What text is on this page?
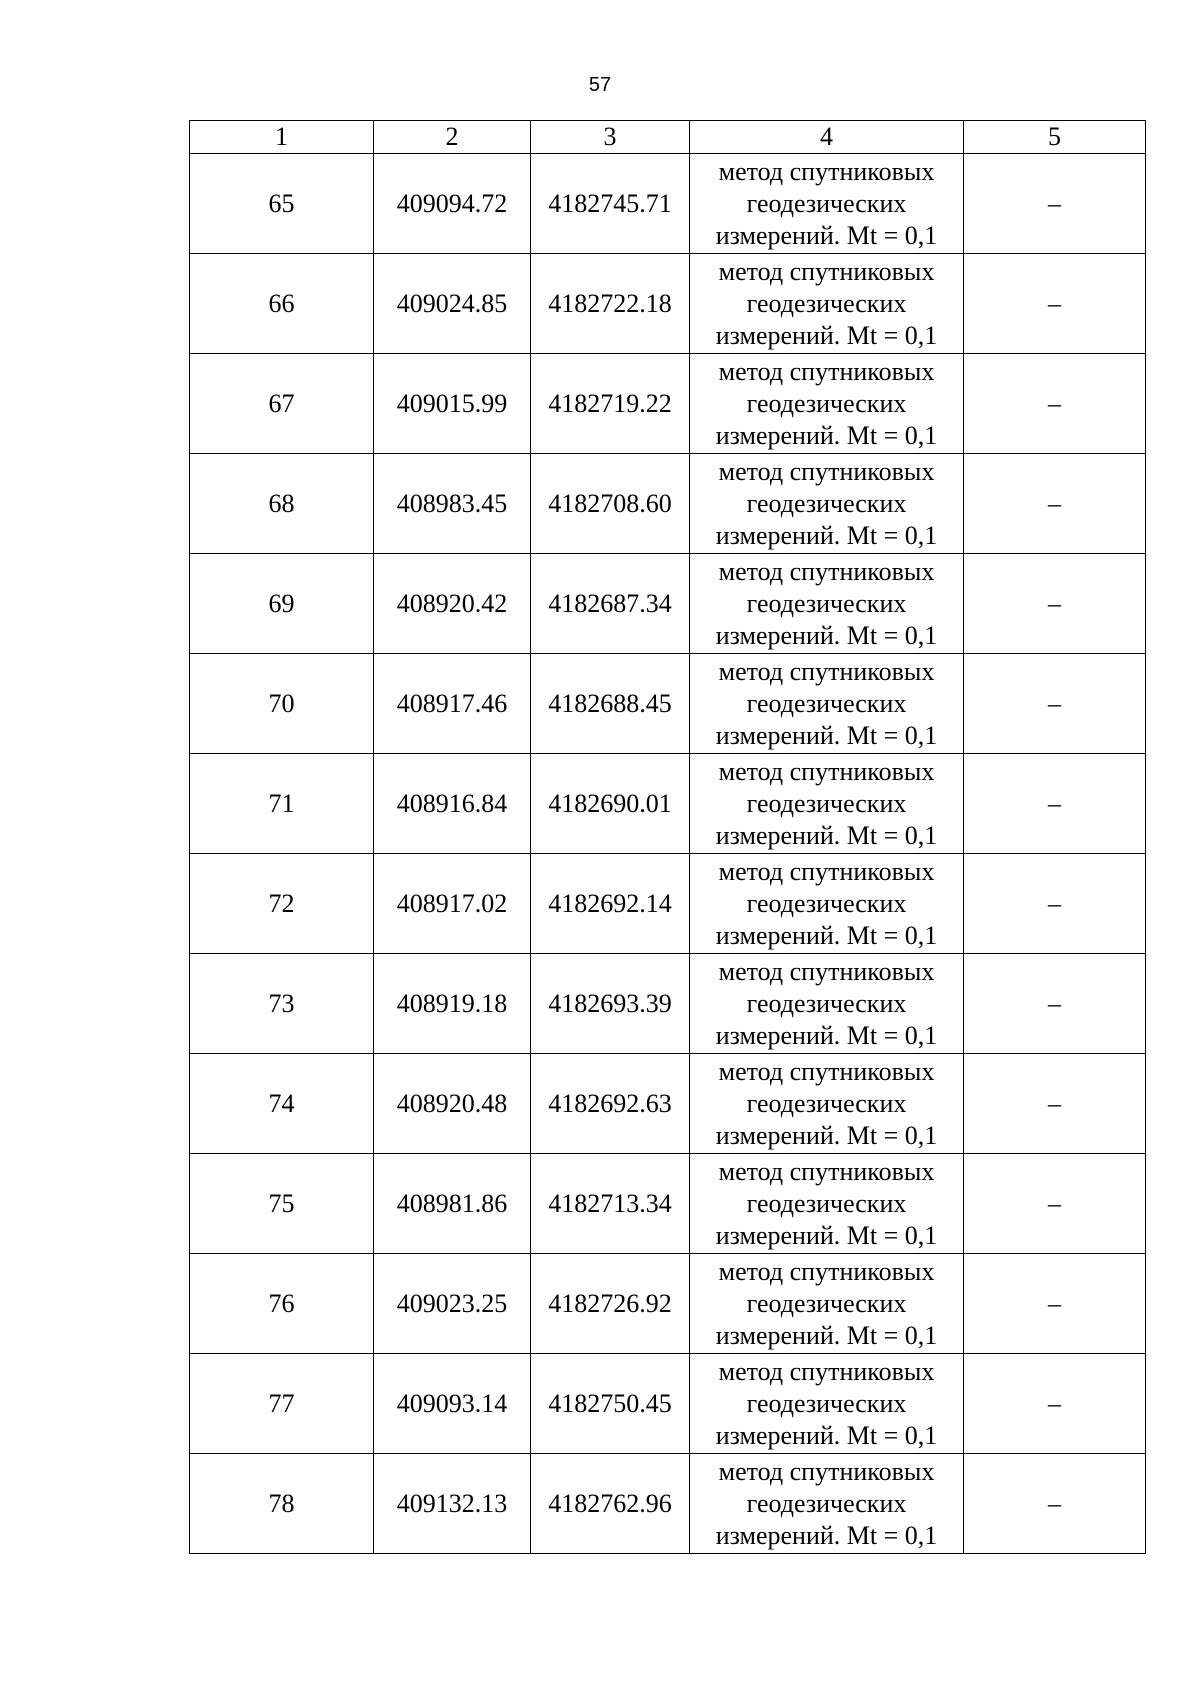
57
1	2	3	4	5
65	409094.72	4182745.71	метод спутниковых
геодезических
измерений. Mt = 0,1	–
66	409024.85	4182722.18	метод спутниковых
геодезических
измерений. Mt = 0,1	–
67	409015.99	4182719.22	метод спутниковых
геодезических
измерений. Mt = 0,1	–
68	408983.45	4182708.60	метод спутниковых
геодезических
измерений. Mt = 0,1	–
69	408920.42	4182687.34	метод спутниковых
геодезических
измерений. Mt = 0,1	–
70	408917.46	4182688.45	метод спутниковых
геодезических
измерений. Mt = 0,1	–
71	408916.84	4182690.01	метод спутниковых
геодезических
измерений. Mt = 0,1	–
72	408917.02	4182692.14	метод спутниковых
геодезических
измерений. Mt = 0,1	–
73	408919.18	4182693.39	метод спутниковых
геодезических
измерений. Mt = 0,1	–
74	408920.48	4182692.63	метод спутниковых
геодезических
измерений. Mt = 0,1	–
75	408981.86	4182713.34	метод спутниковых
геодезических
измерений. Mt = 0,1	–
76	409023.25	4182726.92	метод спутниковых
геодезических
измерений. Mt = 0,1	–
77	409093.14	4182750.45	метод спутниковых
геодезических
измерений. Mt = 0,1	–
78	409132.13	4182762.96	метод спутниковых
геодезических
измерений. Mt = 0,1	–
